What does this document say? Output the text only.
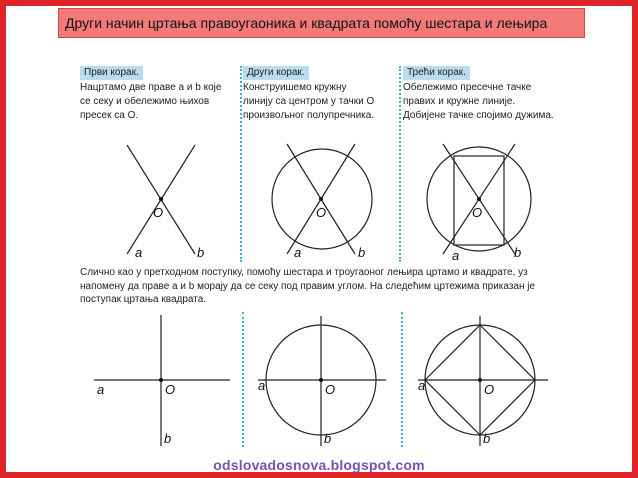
Други начин цртања правоугаоника и квадрата помоћу шестара и лењира
Први корак.
Нацртамо две праве a и b које
се секу и обележимо њихов
пресек са O.
Други корак.
Конструишемо кружну
линију са центром у тачки O
произвољног полупречника.
Трећи корак.
Обележимо пресечне тачке
правих и кружне линије.
Добијене тачке спојимо дужима.
Слично као у претходном поступку, помоћу шестара и троугаоног лењира цртамо и квадрате, уз
напомену да праве a и b морају да се секу под правим углом. На следећим цртежима приказан је
поступак цртања квадрата.
O
a	b
O
a	b
O
a	b
a	O
b
a	O
b
a	O
b
odslovadosnova.blogspot.com
